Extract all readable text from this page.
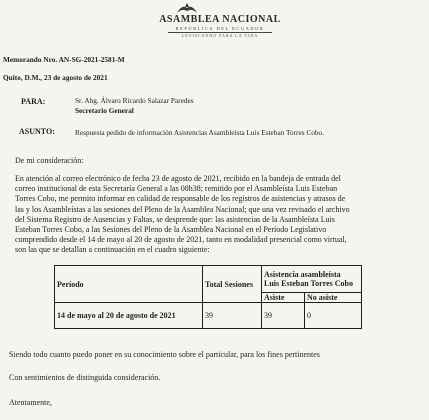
ASAMBLEA NACIONAL
REPÚBLICA DEL ECUADOR
LEGISLANDO PARA LA VIDA
Memorando Nro. AN-SG-2021-2581-M
Quito, D.M., 23 de agosto de 2021
PARA:	Sr. Abg. Álvaro Ricardo Salazar Paredes
Secretario General
ASUNTO:	Respuesta pedido de información Asistencias Asambleísta Luis Esteban Torres Cobo.
De mi consideración:
En atención al correo electrónico de fecha 23 de agosto de 2021, recibido en la bandeja de entrada del
correo institucional de esta Secretaría General a las 08h38; remitido por el Asambleísta Luis Esteban
Torres Cobo, me permito informar en calidad de responsable de los registros de asistencias y atrasos de
las y los Asambleístas a las sesiones del Pleno de la Asamblea Nacional; que una vez revisado el archivo
del Sistema Registro de Ausencias y Faltas, se desprende que: las asistencias de la Asambleísta Luis
Esteban Torres Cobo, a las Sesiones del Pleno de la Asamblea Nacional en el Período Legislativo
comprendido desde el 14 de mayo al 20 de agosto de 2021, tanto en modalidad presencial como virtual,
son las que se detallan a continuación en el cuadro siguiente:
Período	Total Sesiones	Asistencia asambleísta
Luis Esteban Torres Cobo	

		Asiste	No asiste
14 de mayo al 20 de agosto de 2021	39	39	0
Siendo todo cuanto puedo poner en su conocimiento sobre el particular, para los fines pertinentes
Con sentimientos de distinguida consideración.
Atentamente,
